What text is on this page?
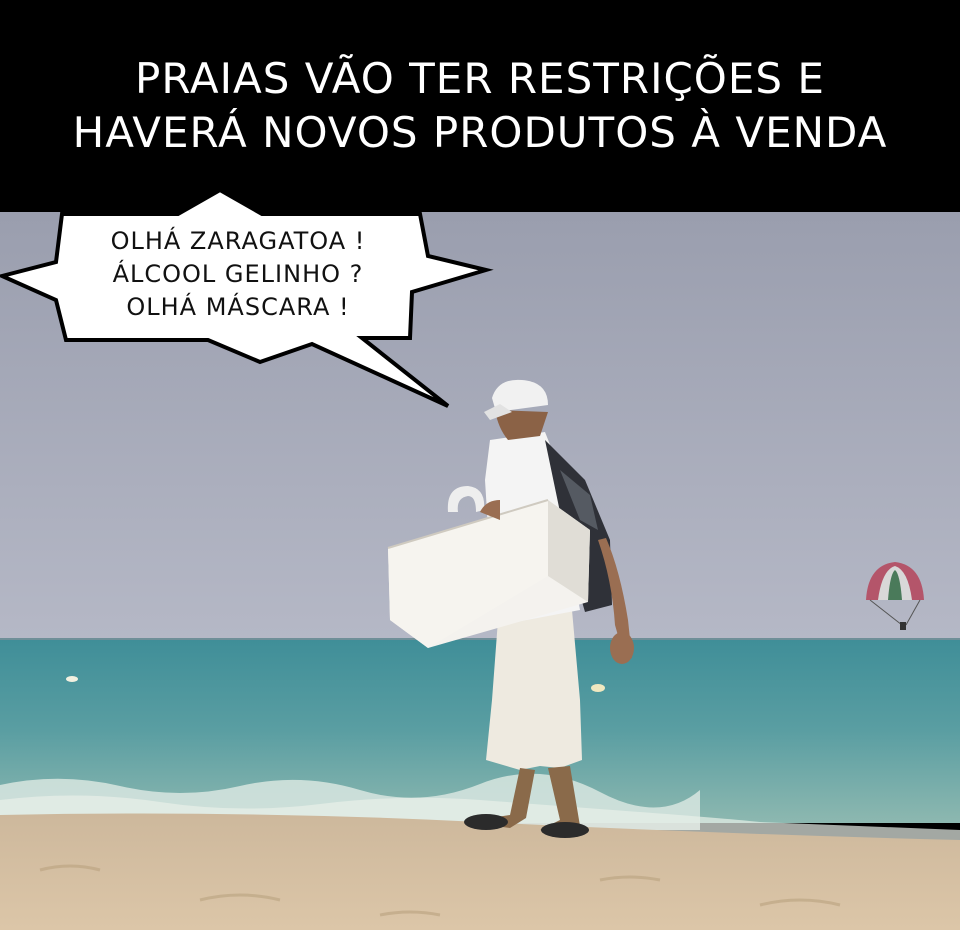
PRAIAS VÃO TER RESTRIÇÕES E
HAVERÁ NOVOS PRODUTOS À VENDA
OLHÁ ZARAGATOA !
ÁLCOOL GELINHO ?
OLHÁ MÁSCARA !
